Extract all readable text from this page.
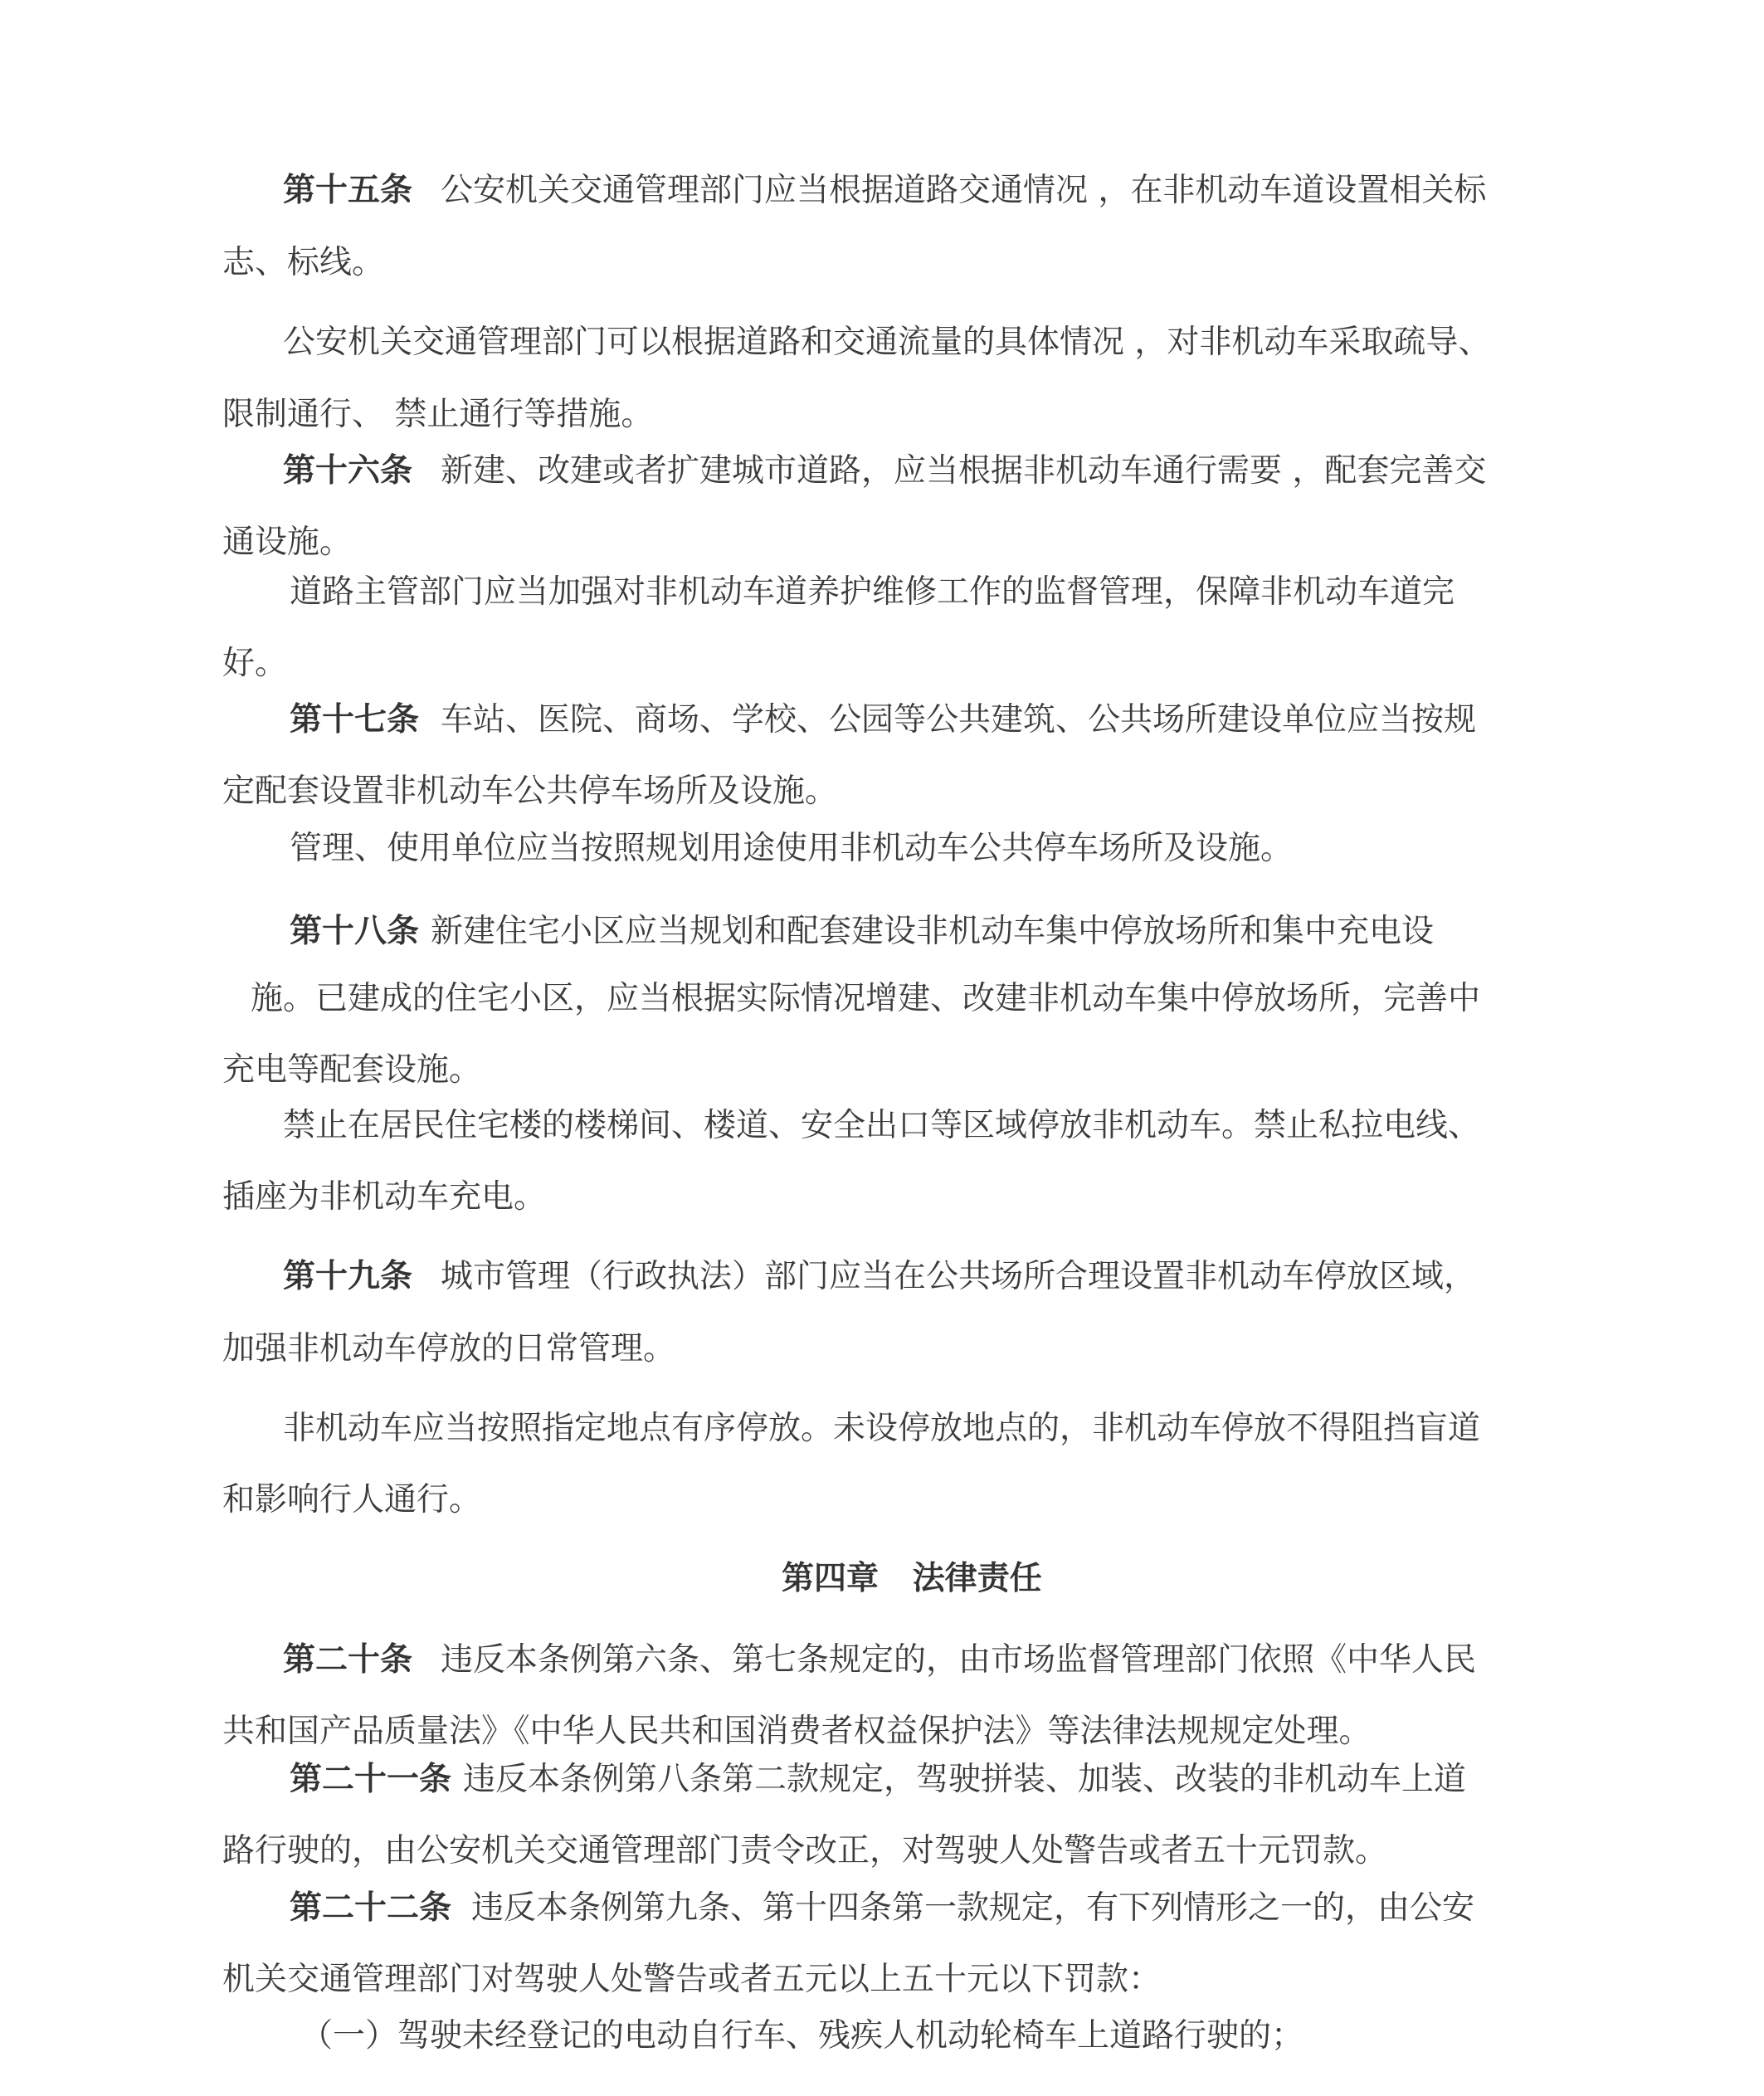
第十五条 公安机关交通管理部门应当根据道路交通情况 ，在非机动车道设置相关标
志、标线。
公安机关交通管理部门可以根据道路和交通流量的具体情况 ，对非机动车采取疏导、
限制通行、 禁止通行等措施。
第十六条 新建、改建或者扩建城市道路，应当根据非机动车通行需要 ，配套完善交
通设施。
道路主管部门应当加强对非机动车道养护维修工作的监督管理，保障非机动车道完
好。
第十七条 车站、医院、商场、学校、公园等公共建筑、公共场所建设单位应当按规
定配套设置非机动车公共停车场所及设施。
管理、使用单位应当按照规划用途使用非机动车公共停车场所及设施。
第十八条 新建住宅小区应当规划和配套建设非机动车集中停放场所和集中充电设
施。已建成的住宅小区，应当根据实际情况增建、改建非机动车集中停放场所，完善中
充电等配套设施。
禁止在居民住宅楼的楼梯间、楼道、安全出口等区域停放非机动车。禁止私拉电线、
插座为非机动车充电。
第十九条 城市管理（行政执法）部门应当在公共场所合理设置非机动车停放区域，
加强非机动车停放的日常管理。
非机动车应当按照指定地点有序停放。未设停放地点的，非机动车停放不得阻挡盲道
和影响行人通行。
第四章   法律责任
第二十条 违反本条例第六条、第七条规定的，由市场监督管理部门依照《中华人民
共和国产品质量法》《中华人民共和国消费者权益保护法》等法律法规规定处理。
第二十一条 违反本条例第八条第二款规定，驾驶拼装、加装、改装的非机动车上道
路行驶的，由公安机关交通管理部门责令改正，对驾驶人处警告或者五十元罚款。
第二十二条 违反本条例第九条、第十四条第一款规定，有下列情形之一的，由公安
机关交通管理部门对驾驶人处警告或者五元以上五十元以下罚款：
（一）驾驶未经登记的电动自行车、残疾人机动轮椅车上道路行驶的；
